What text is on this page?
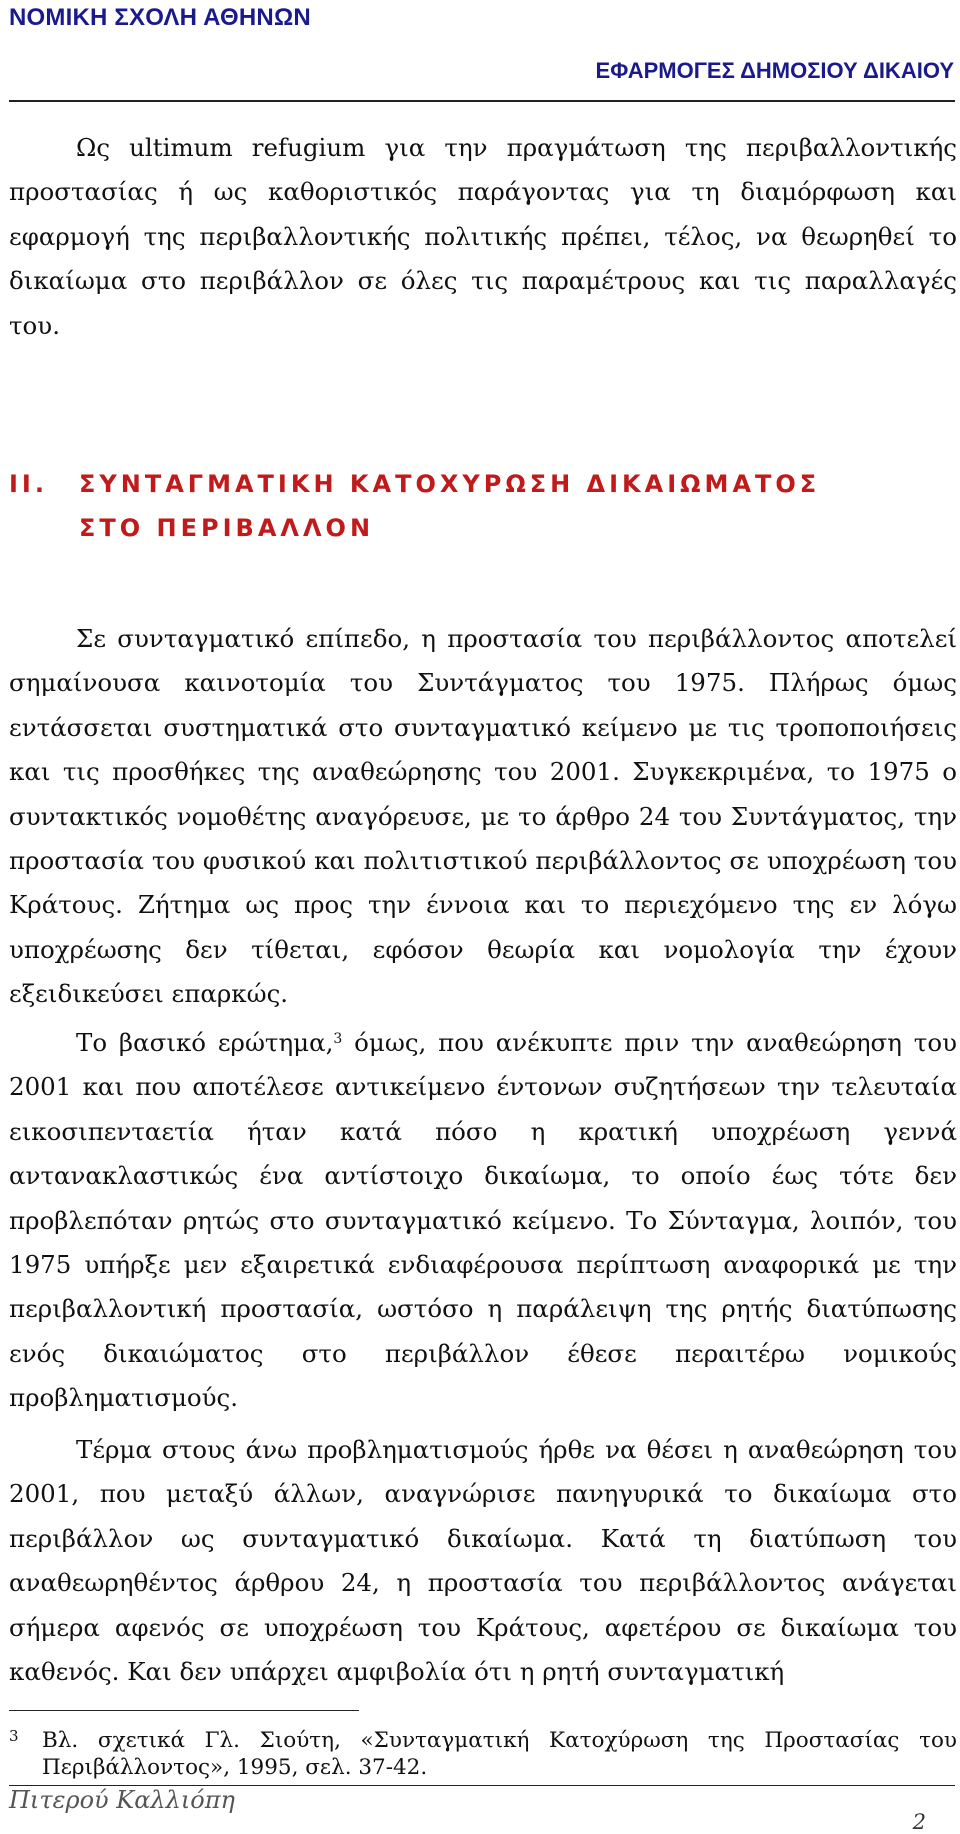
ΝΟΜΙΚΗ ΣΧΟΛΗ ΑΘΗΝΩΝ
ΕΦΑΡΜΟΓΕΣ ΔΗΜΟΣΙΟΥ ΔΙΚΑΙΟΥ

Ως ultimum refugium για την πραγμάτωση της περιβαλλοντικής προστασίας ή ως καθοριστικός παράγοντας για τη διαμόρφωση και εφαρμογή της περιβαλλοντικής πολιτικής πρέπει, τέλος, να θεωρηθεί το δικαίωμα στο περιβάλλον σε όλες τις παραμέτρους και τις παραλλαγές του.

ΙΙ. ΣΥΝΤΑΓΜΑΤΙΚΗ ΚΑΤΟΧΥΡΩΣΗ ΔΙΚΑΙΩΜΑΤΟΣ
ΣΤΟ ΠΕΡΙΒΑΛΛΟΝ

Σε συνταγματικό επίπεδο, η προστασία του περιβάλλοντος αποτελεί σημαίνουσα καινοτομία του Συντάγματος του 1975. Πλήρως όμως εντάσσεται συστηματικά στο συνταγματικό κείμενο με τις τροποποιήσεις και τις προσθήκες της αναθεώρησης του 2001. Συγκεκριμένα, το 1975 ο συντακτικός νομοθέτης αναγόρευσε, με το άρθρο 24 του Συντάγματος, την προστασία του φυσικού και πολιτιστικού περιβάλλοντος σε υποχρέωση του Κράτους. Ζήτημα ως προς την έννοια και το περιεχόμενο της εν λόγω υποχρέωσης δεν τίθεται, εφόσον θεωρία και νομολογία την έχουν εξειδικεύσει επαρκώς.

Το βασικό ερώτημα,$^3$ όμως, που ανέκυπτε πριν την αναθεώρηση του 2001 και που αποτέλεσε αντικείμενο έντονων συζητήσεων την τελευταία εικοσιπενταετία ήταν κατά πόσο η κρατική υποχρέωση γεννά αντανακλαστικώς ένα αντίστοιχο δικαίωμα, το οποίο έως τότε δεν προβλεπόταν ρητώς στο συνταγματικό κείμενο. Το Σύνταγμα, λοιπόν, του 1975 υπήρξε μεν εξαιρετικά ενδιαφέρουσα περίπτωση αναφορικά με την περιβαλλοντική προστασία, ωστόσο η παράλειψη της ρητής διατύπωσης ενός δικαιώματος στο περιβάλλον έθεσε περαιτέρω νομικούς προβληματισμούς.

Τέρμα στους άνω προβληματισμούς ήρθε να θέσει η αναθεώρηση του 2001, που μεταξύ άλλων, αναγνώρισε πανηγυρικά το δικαίωμα στο περιβάλλον ως συνταγματικό δικαίωμα. Κατά τη διατύπωση του αναθεωρηθέντος άρθρου 24, η προστασία του περιβάλλοντος ανάγεται σήμερα αφενός σε υποχρέωση του Κράτους, αφετέρου σε δικαίωμα του καθενός. Και δεν υπάρχει αμφιβολία ότι η ρητή συνταγματική

3 Βλ. σχετικά Γλ. Σιούτη, «Συνταγματική Κατοχύρωση της Προστασίας του Περιβάλλοντος», 1995, σελ. 37-42.
Πιτερού Καλλιόπη
2
